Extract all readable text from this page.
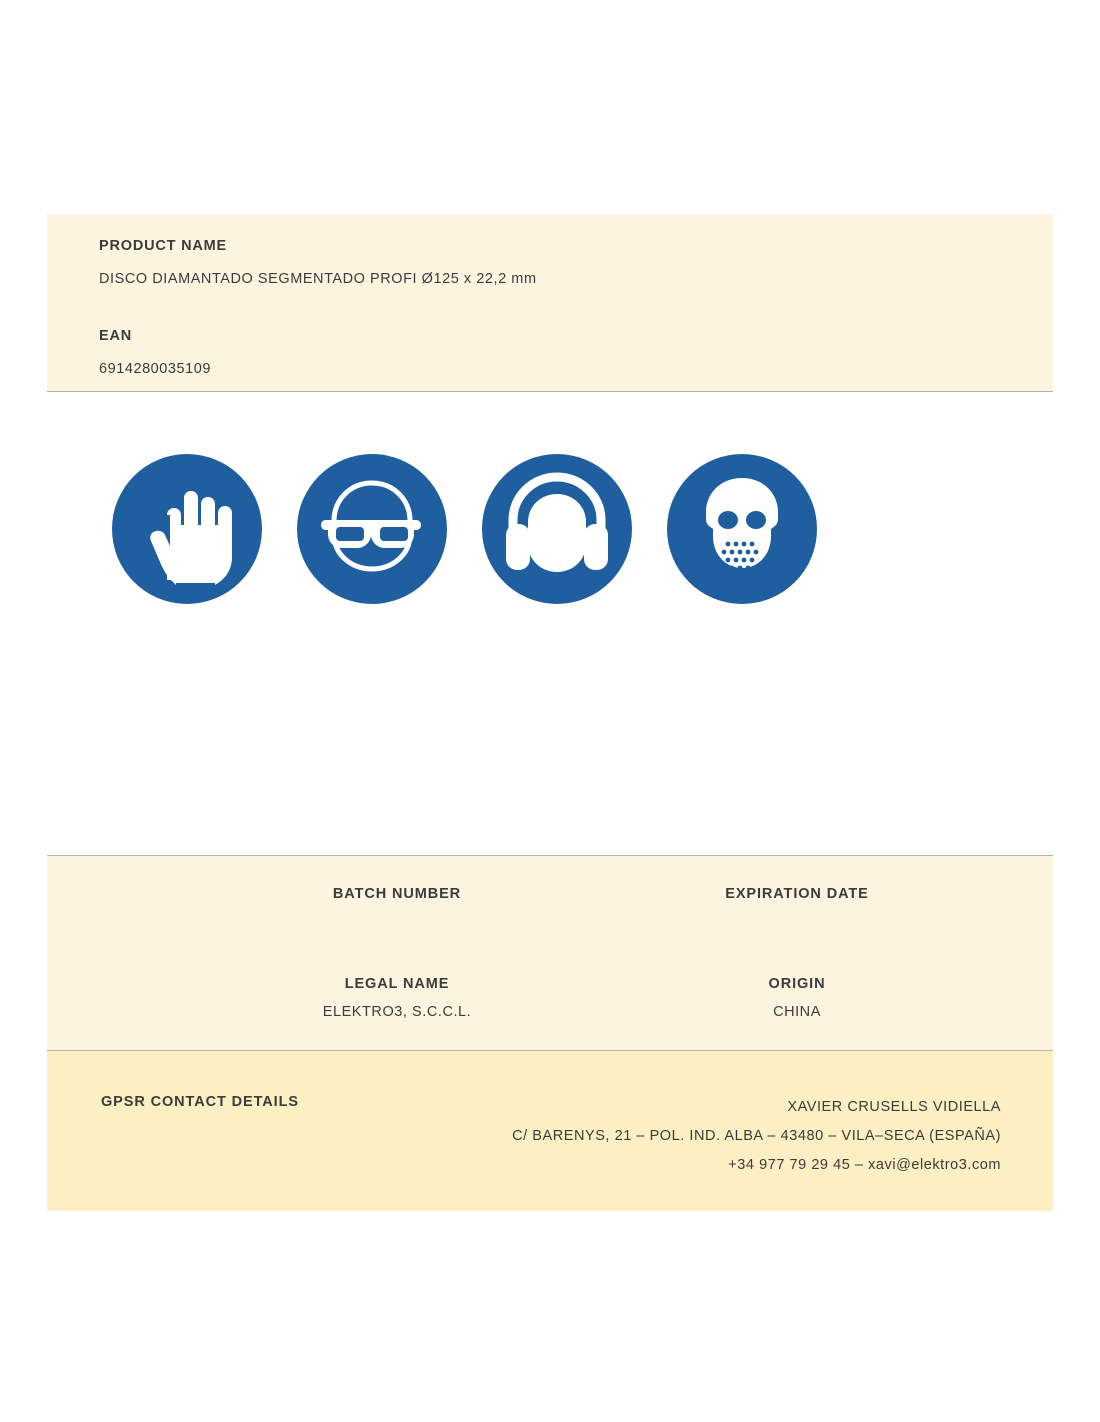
PRODUCT NAME
DISCO DIAMANTADO SEGMENTADO PROFI Ø125 x 22,2 mm
EAN
6914280035109
BATCH NUMBER	EXPIRATION DATE
LEGAL NAME
ELEKTRO3, S.C.C.L.
ORIGIN
CHINA
GPSR CONTACT DETAILS	XAVIER CRUSELLS VIDIELLA
C/ BARENYS, 21 – POL. IND. ALBA – 43480 – VILA–SECA (ESPAÑA)
+34 977 79 29 45 – xavi@elektro3.com
